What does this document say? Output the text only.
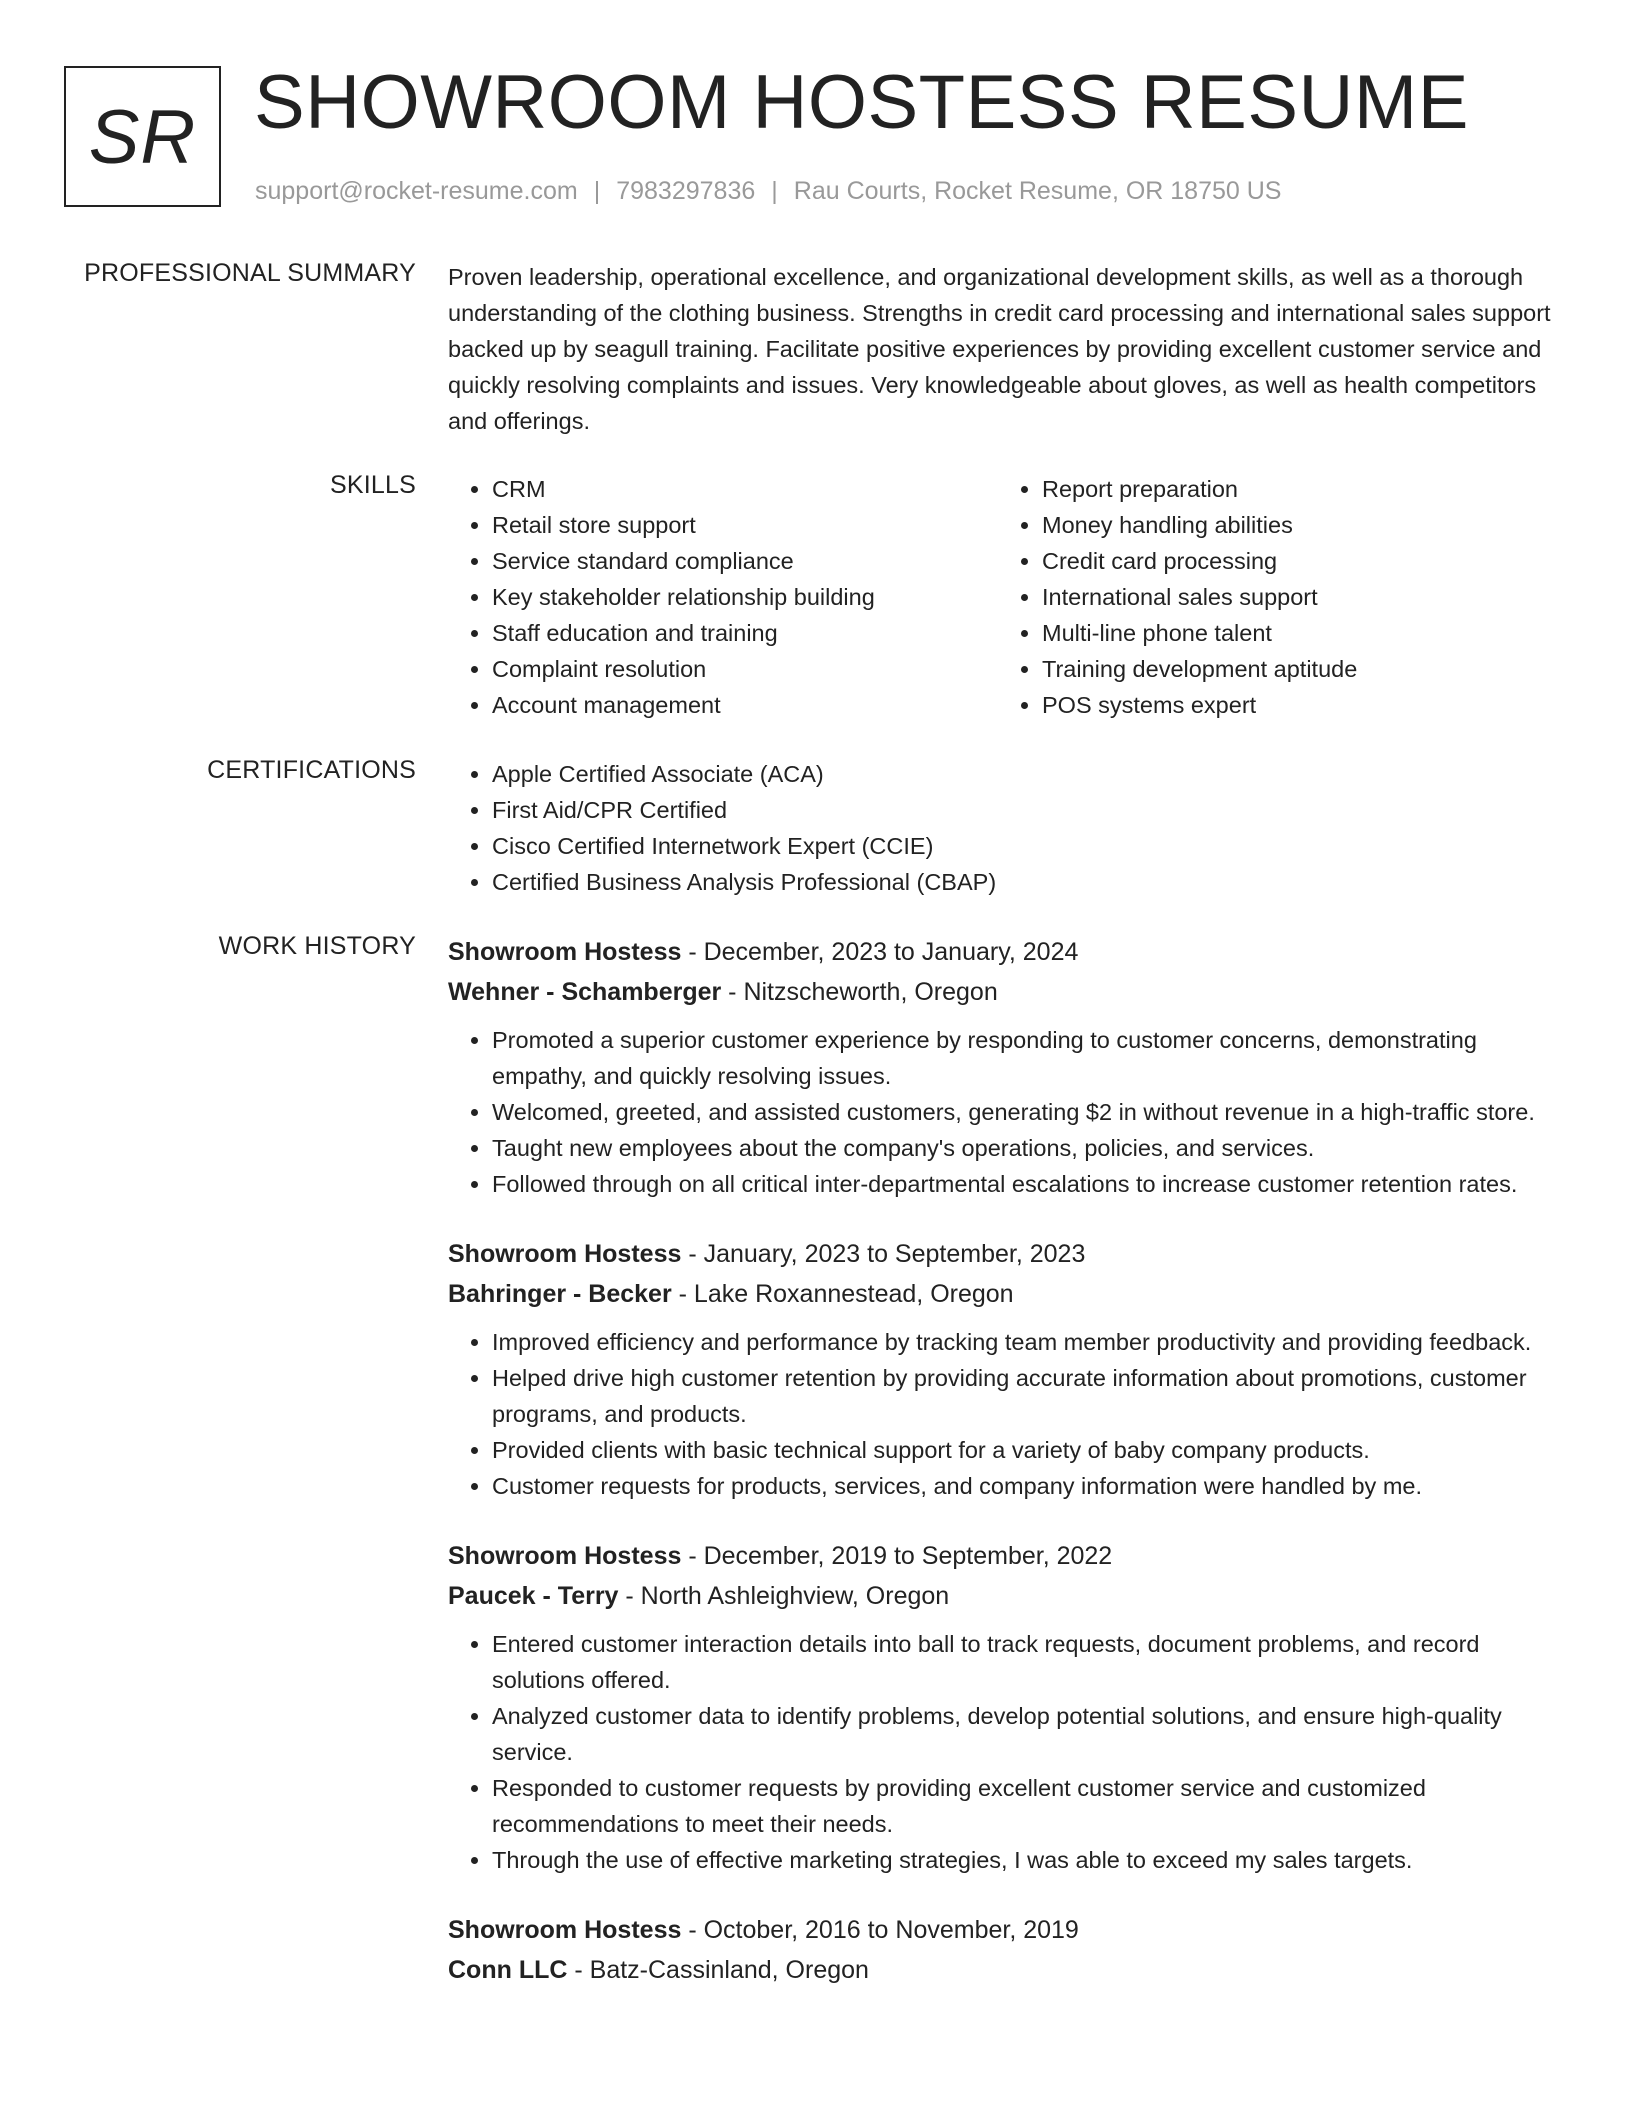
SR SHOWROOM HOSTESS RESUME
support@rocket-resume.com | 7983297836 | Rau Courts, Rocket Resume, OR 18750 US
PROFESSIONAL SUMMARY Proven leadership, operational excellence, and organizational development skills, as well as a thorough understanding of the clothing business. Strengths in credit card processing and international sales support backed up by seagull training. Facilitate positive experiences by providing excellent customer service and quickly resolving complaints and issues. Very knowledgeable about gloves, as well as health competitors and offerings.
SKILLS	• CRM
• Retail store support
• Service standard compliance
• Key stakeholder relationship building
• Staff education and training
• Complaint resolution
• Account management
• Report preparation
• Money handling abilities
• Credit card processing
• International sales support
• Multi-line phone talent
• Training development aptitude
• POS systems expert
CERTIFICATIONS	• Apple Certified Associate (ACA)
• First Aid/CPR Certified
• Cisco Certified Internetwork Expert (CCIE)
• Certified Business Analysis Professional (CBAP)
WORK HISTORY Showroom Hostess - December, 2023 to January, 2024
Wehner - Schamberger - Nitzscheworth, Oregon
• Promoted a superior customer experience by responding to customer concerns, demonstrating empathy, and quickly resolving issues.
• Welcomed, greeted, and assisted customers, generating $2 in without revenue in a high-traffic store.
• Taught new employees about the company's operations, policies, and services.
• Followed through on all critical inter-departmental escalations to increase customer retention rates.
Showroom Hostess - January, 2023 to September, 2023
Bahringer - Becker - Lake Roxannestead, Oregon
• Improved efficiency and performance by tracking team member productivity and providing feedback.
• Helped drive high customer retention by providing accurate information about promotions, customer programs, and products.
• Provided clients with basic technical support for a variety of baby company products.
• Customer requests for products, services, and company information were handled by me.
Showroom Hostess - December, 2019 to September, 2022
Paucek - Terry - North Ashleighview, Oregon
• Entered customer interaction details into ball to track requests, document problems, and record solutions offered.
• Analyzed customer data to identify problems, develop potential solutions, and ensure high-quality service.
• Responded to customer requests by providing excellent customer service and customized recommendations to meet their needs.
• Through the use of effective marketing strategies, I was able to exceed my sales targets.
Showroom Hostess - October, 2016 to November, 2019
Conn LLC - Batz-Cassinland, Oregon
